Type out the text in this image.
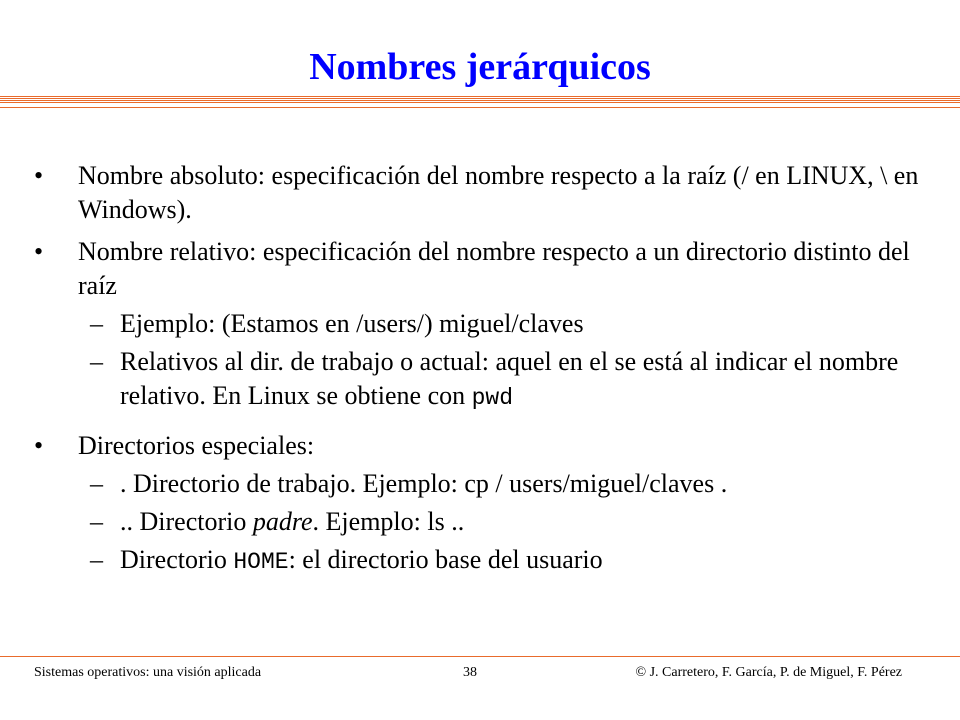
Nombres jerárquicos
•	Nombre absoluto: especificación del nombre respecto a la raíz (/ en LINUX, \ en Windows).
•	Nombre relativo: especificación del nombre respecto a un directorio distinto del raíz
– Ejemplo: (Estamos en /users/) miguel/claves
– Relativos al dir. de trabajo o actual: aquel en el se está al indicar el nombre relativo. En Linux se obtiene con pwd
•	Directorios especiales:
– . Directorio de trabajo. Ejemplo: cp / users/miguel/claves .
– .. Directorio padre. Ejemplo: ls ..
– Directorio HOME: el directorio base del usuario
Sistemas operativos: una visión aplicada	38	© J. Carretero, F. García, P. de Miguel, F. Pérez
